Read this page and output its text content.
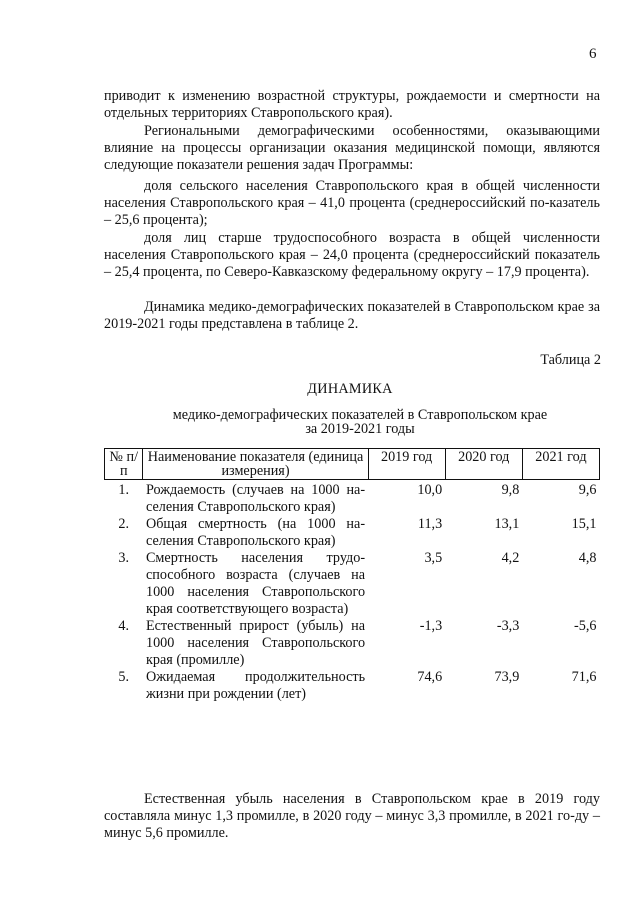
6

приводит к изменению возрастной структуры, рождаемости и смертности на отдельных территориях Ставропольского края).

Региональными демографическими особенностями, оказывающими влияние на процессы организации оказания медицинской помощи, являются следующие показатели решения задач Программы:

доля сельского населения Ставропольского края в общей численности населения Ставропольского края – 41,0 процента (среднероссийский по-казатель – 25,6 процента);

доля лиц старше трудоспособного возраста в общей численности населения Ставропольского края – 24,0 процента (среднероссийский показатель – 25,4 процента, по Северо-Кавказскому федеральному округу – 17,9 процента).

Динамика медико-демографических показателей в Ставропольском крае за 2019-2021 годы представлена в таблице 2.

Таблица 2
ДИНАМИКА
медико-демографических показателей в Ставропольском крае
за 2019-2021 годы
№ п/п	Наименование показателя (единица измерения)	2019 год	2020 год	2021 год
1.	Рождаемость (случаев на 1000 на-селения Ставропольского края)	10,0	9,8	9,6
2.	Общая смертность (на 1000 на-селения Ставропольского края)	11,3	13,1	15,1
3.	Смертность населения трудо-способного возраста (случаев на 1000 населения Ставропольского края соответствующего возраста)	3,5	4,2	4,8
4.	Естественный прирост (убыль) на 1000 населения Ставропольского края (промилле)	-1,3	-3,3	-5,6
5.	Ожидаемая продолжительность жизни при рождении (лет)	74,6	73,9	71,6

Естественная убыль населения в Ставропольском крае в 2019 году составляла минус 1,3 промилле, в 2020 году – минус 3,3 промилле, в 2021 го-ду – минус 5,6 промилле.
